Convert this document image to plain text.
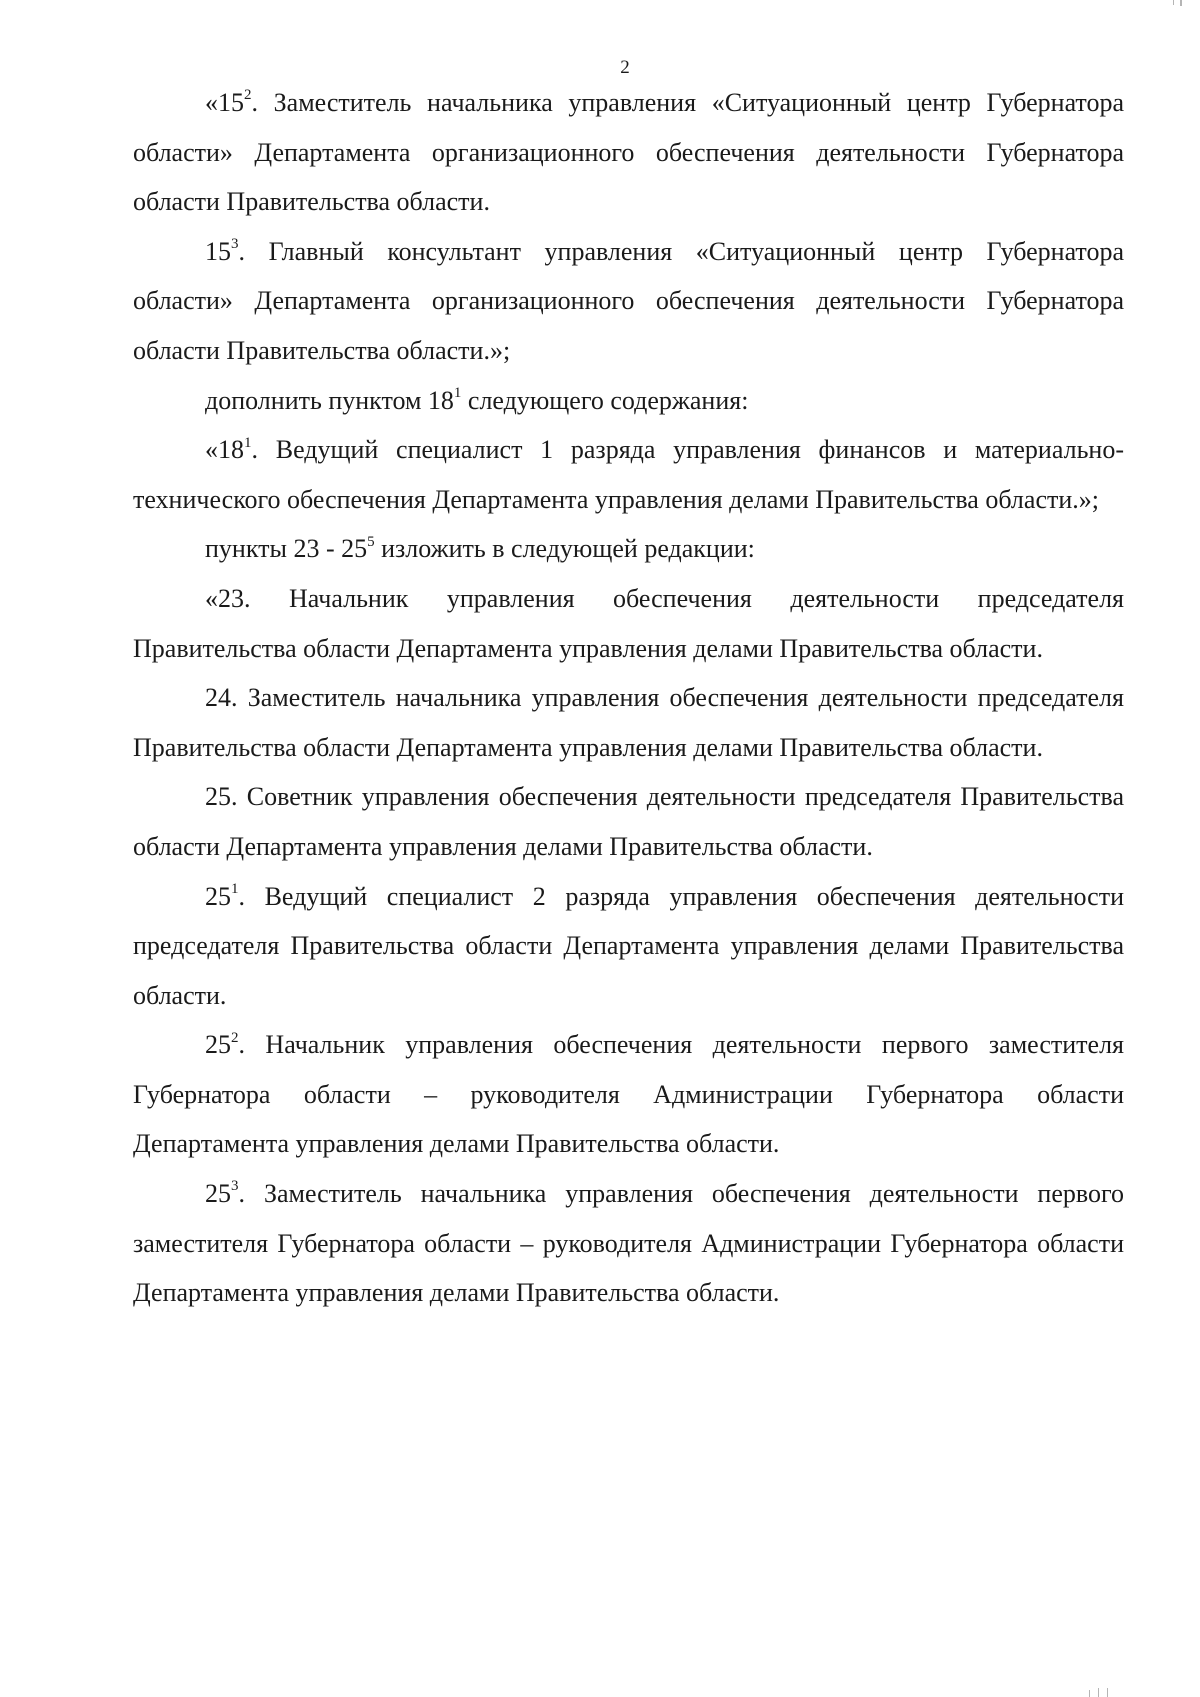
2

«$15^2$. Заместитель начальника управления «Ситуационный центр Губернатора области» Департамента организационного обеспечения деятельности Губернатора области Правительства области.

$15^3$. Главный консультант управления «Ситуационный центр Губернатора области» Департамента организационного обеспечения деятельности Губернатора области Правительства области.»;

дополнить пунктом $18^1$ следующего содержания:

«$18^1$. Ведущий специалист 1 разряда управления финансов и материально-технического обеспечения Департамента управления делами Правительства области.»;

пункты $23 - 25^5$ изложить в следующей редакции:

«23. Начальник управления обеспечения деятельности председателя Правительства области Департамента управления делами Правительства области.

24. Заместитель начальника управления обеспечения деятельности председателя Правительства области Департамента управления делами Правительства области.

25. Советник управления обеспечения деятельности председателя Правительства области Департамента управления делами Правительства области.

$25^1$. Ведущий специалист 2 разряда управления обеспечения деятельности председателя Правительства области Департамента управления делами Правительства области.

$25^2$. Начальник управления обеспечения деятельности первого заместителя Губернатора области – руководителя Администрации Губернатора области Департамента управления делами Правительства области.

$25^3$. Заместитель начальника управления обеспечения деятельности первого заместителя Губернатора области – руководителя Администрации Губернатора области Департамента управления делами Правительства области.
